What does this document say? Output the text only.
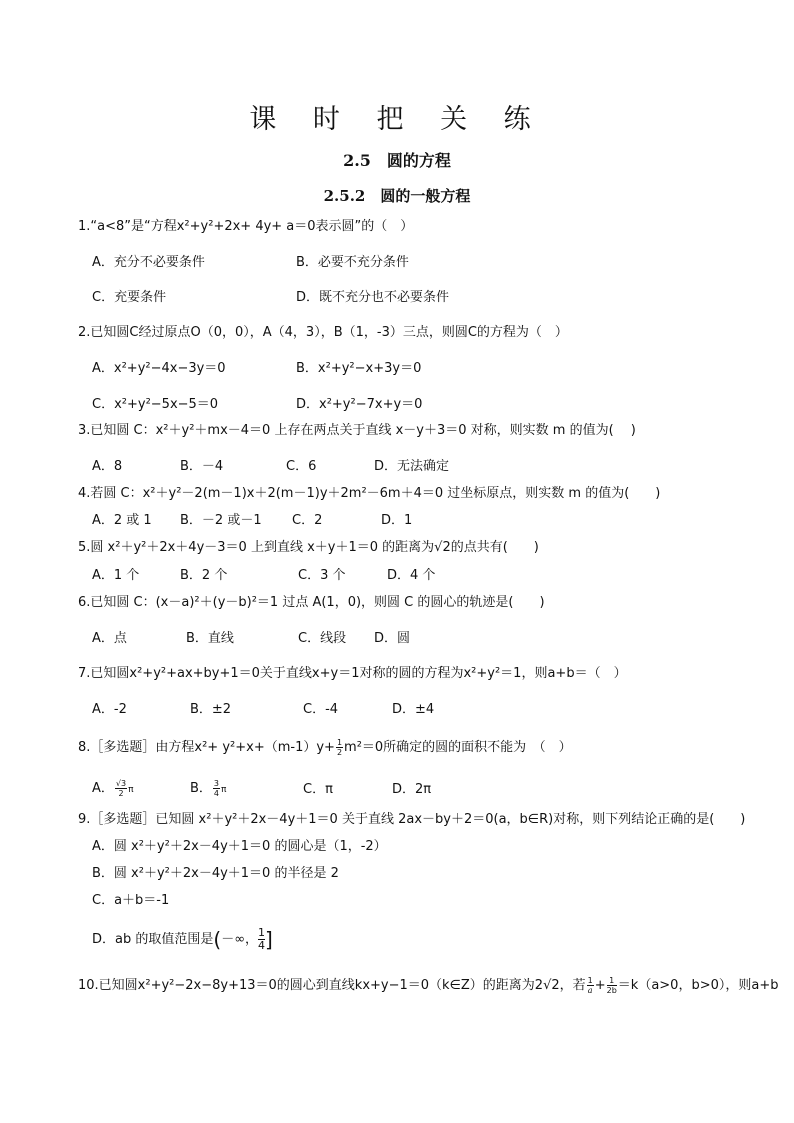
课 时 把 关 练
2.5　圆的方程
2.5.2　圆的一般方程
1.“a<8”是“方程x²+y²+2x+ 4y+ a＝0表示圆”的（　）
A．充分不必要条件	B．必要不充分条件
C．充要条件	D．既不充分也不必要条件
2.已知圆C经过原点O（0，0），A（4，3），B（1，-3）三点，则圆C的方程为（　）
A．x²+y²−4x−3y＝0	B．x²+y²−x+3y＝0
C．x²+y²−5x−5＝0	D．x²+y²−7x+y＝0
3.已知圆 C：x²＋y²＋mx－4＝0 上存在两点关于直线 x－y＋3＝0 对称，则实数 m 的值为(　 )
A．8	B．－4	C．6	D．无法确定
4.若圆 C：x²＋y²－2(m－1)x＋2(m－1)y＋2m²－6m＋4＝0 过坐标原点，则实数 m 的值为(　　)
A．2 或 1 B．－2 或－1 C．2	D．1
5.圆 x²＋y²＋2x＋4y－3＝0 上到直线 x＋y＋1＝0 的距离为√2的点共有(　　)
A．1 个	B．2 个	C．3 个	D．4 个
6.已知圆 C：(x－a)²＋(y－b)²＝1 过点 A(1，0)，则圆 C 的圆心的轨迹是(　　)
A．点	B．直线	C．线段 D．圆
7.已知圆x²+y²+ax+by+1＝0关于直线x+y＝1对称的圆的方程为x²+y²＝1，则a+b＝（　）
A．-2	B．±2	C．-4	D．±4
8.［多选题］由方程$x^2+ y^2+x+(m-1)y+ \frac{1}{2} m^2=0$所确定的圆的面积不能为　（　）
A． $\frac{√3}{2}$ π	B． $\frac{3}{4}$ π	C．π	D．2π
9.［多选题］已知圆 x²＋y²＋2x－4y＋1＝0 关于直线 2ax－by＋2＝0(a，b∈R)对称，则下列结论正确的是(　　)
A．圆 x²＋y²＋2x－4y＋1＝0 的圆心是（1，-2）
B．圆 x²＋y²＋2x－4y＋1＝0 的半径是 2
C．a＋b＝-1
D．ab 的取值范围是(－∞， $\frac{1}{4}$]
10.已知圆x²+y²−2x−8y+13＝0的圆心到直线kx+y−1＝0（k∈Z）的距离为2√2，若 $\frac{1}{a} + \frac{1}{2b} =k(a>0$，b>0），则a+b
